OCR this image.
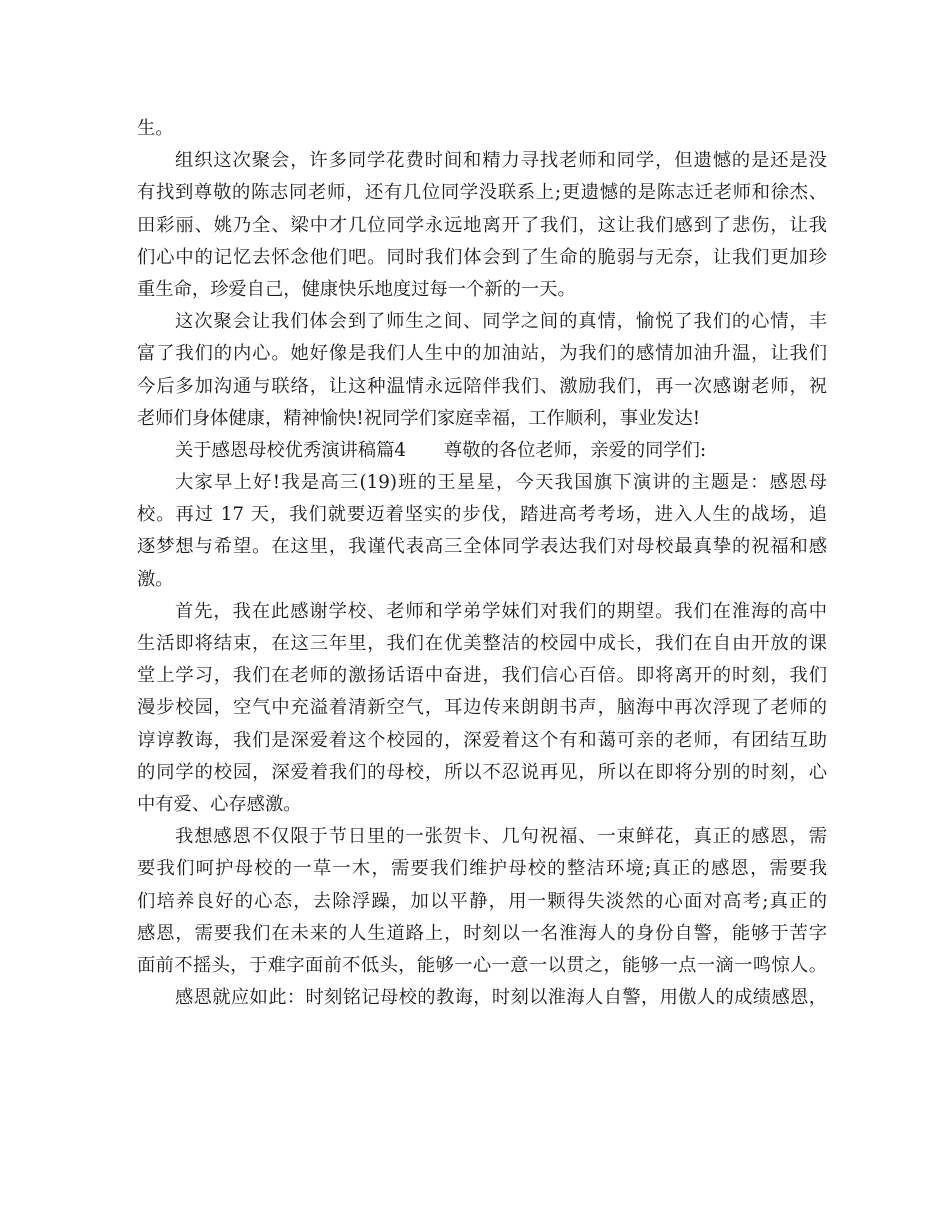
生。
组织这次聚会，许多同学花费时间和精力寻找老师和同学，但遗憾的是还是没
有找到尊敬的陈志同老师，还有几位同学没联系上;更遗憾的是陈志迁老师和徐杰、
田彩丽、姚乃全、梁中才几位同学永远地离开了我们，这让我们感到了悲伤，让我
们心中的记忆去怀念他们吧。同时我们体会到了生命的脆弱与无奈，让我们更加珍
重生命，珍爱自己，健康快乐地度过每一个新的一天。
这次聚会让我们体会到了师生之间、同学之间的真情，愉悦了我们的心情，丰
富了我们的内心。她好像是我们人生中的加油站，为我们的感情加油升温，让我们
今后多加沟通与联络，让这种温情永远陪伴我们、激励我们，再一次感谢老师，祝
老师们身体健康，精神愉快!祝同学们家庭幸福，工作顺利，事业发达!
关于感恩母校优秀演讲稿篇4 尊敬的各位老师，亲爱的同学们:
大家早上好!我是高三(19)班的王星星，今天我国旗下演讲的主题是：感恩母
校。再过 17 天，我们就要迈着坚实的步伐，踏进高考考场，进入人生的战场，追
逐梦想与希望。在这里，我谨代表高三全体同学表达我们对母校最真挚的祝福和感
激。
首先，我在此感谢学校、老师和学弟学妹们对我们的期望。我们在淮海的高中
生活即将结束，在这三年里，我们在优美整洁的校园中成长，我们在自由开放的课
堂上学习，我们在老师的激扬话语中奋进，我们信心百倍。即将离开的时刻，我们
漫步校园，空气中充溢着清新空气，耳边传来朗朗书声，脑海中再次浮现了老师的
谆谆教诲，我们是深爱着这个校园的，深爱着这个有和蔼可亲的老师，有团结互助
的同学的校园，深爱着我们的母校，所以不忍说再见，所以在即将分别的时刻，心
中有爱、心存感激。
我想感恩不仅限于节日里的一张贺卡、几句祝福、一束鲜花，真正的感恩，需
要我们呵护母校的一草一木，需要我们维护母校的整洁环境;真正的感恩，需要我
们培养良好的心态，去除浮躁，加以平静，用一颗得失淡然的心面对高考;真正的
感恩，需要我们在未来的人生道路上，时刻以一名淮海人的身份自警，能够于苦字
面前不摇头，于难字面前不低头，能够一心一意一以贯之，能够一点一滴一鸣惊人。
感恩就应如此：时刻铭记母校的教诲，时刻以淮海人自警，用傲人的成绩感恩，
